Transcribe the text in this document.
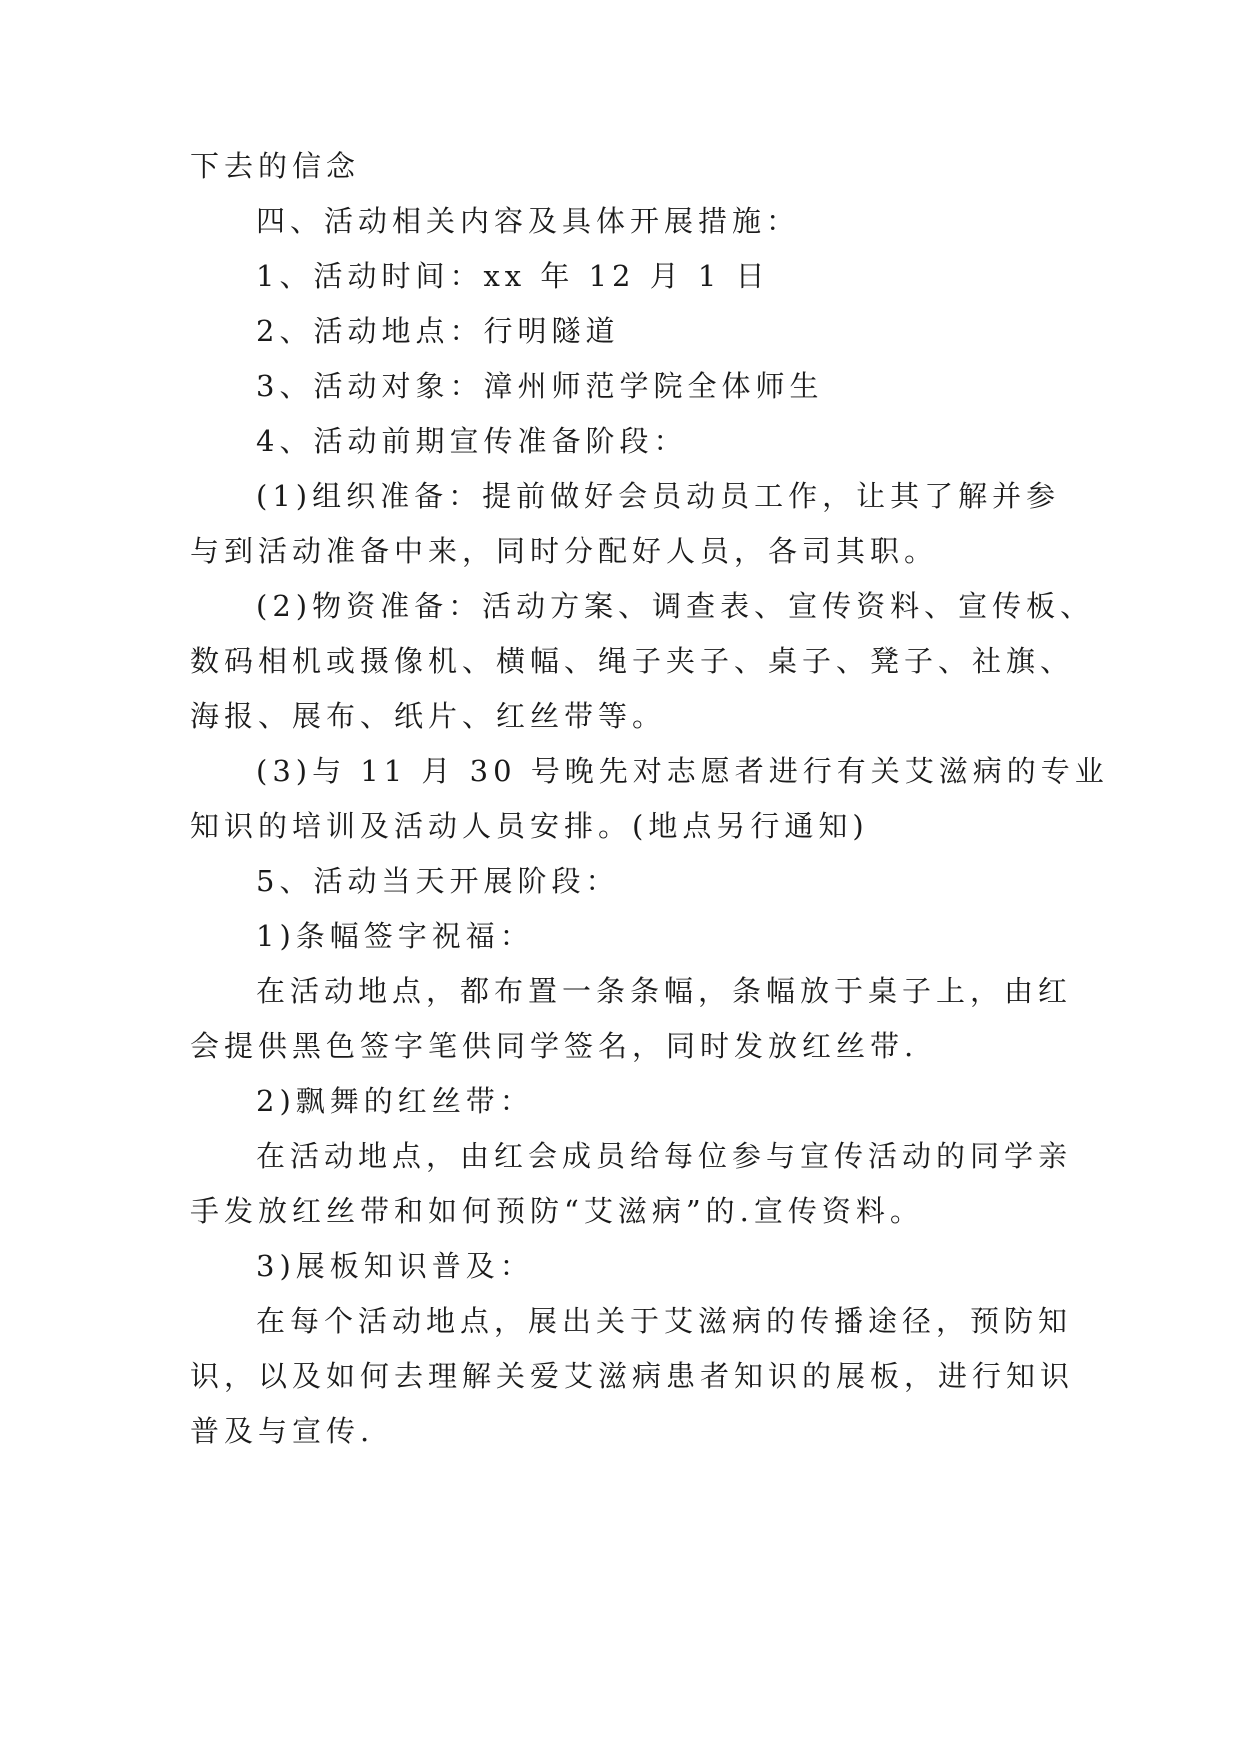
下去的信念
四、活动相关内容及具体开展措施：
1、活动时间：xx 年 12 月 1 日
2、活动地点：行明隧道
3、活动对象：漳州师范学院全体师生
4、活动前期宣传准备阶段：
(1)组织准备：提前做好会员动员工作，让其了解并参
与到活动准备中来，同时分配好人员，各司其职。
(2)物资准备：活动方案、调查表、宣传资料、宣传板、
数码相机或摄像机、横幅、绳子夹子、桌子、凳子、社旗、
海报、展布、纸片、红丝带等。
(3)与 11 月 30 号晚先对志愿者进行有关艾滋病的专业
知识的培训及活动人员安排。(地点另行通知)
5、活动当天开展阶段：
1)条幅签字祝福：
在活动地点，都布置一条条幅，条幅放于桌子上，由红
会提供黑色签字笔供同学签名，同时发放红丝带.
2)飘舞的红丝带：
在活动地点，由红会成员给每位参与宣传活动的同学亲
手发放红丝带和如何预防“艾滋病”的.宣传资料。
3)展板知识普及：
在每个活动地点，展出关于艾滋病的传播途径，预防知
识，以及如何去理解关爱艾滋病患者知识的展板，进行知识
普及与宣传.
